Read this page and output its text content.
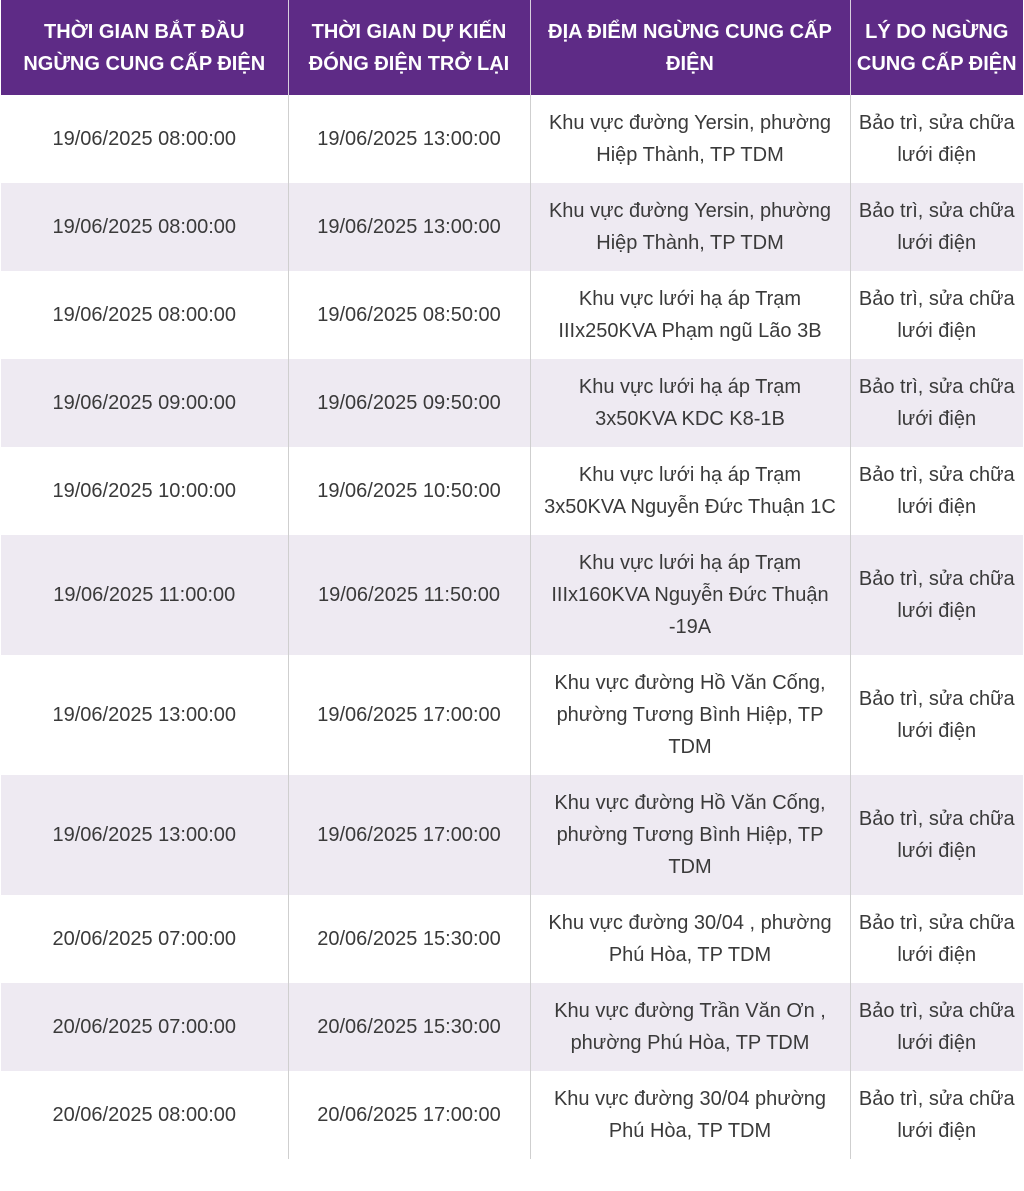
THỜI GIAN BẮT ĐẦU NGỪNG CUNG CẤP ĐIỆN	THỜI GIAN DỰ KIẾN ĐÓNG ĐIỆN TRỞ LẠI	ĐỊA ĐIỂM NGỪNG CUNG CẤP ĐIỆN	LÝ DO NGỪNG CUNG CẤP ĐIỆN
19/06/2025 08:00:00	19/06/2025 13:00:00	Khu vực đường Yersin, phường Hiệp Thành, TP TDM	Bảo trì, sửa chữa lưới điện
19/06/2025 08:00:00	19/06/2025 13:00:00	Khu vực đường Yersin, phường Hiệp Thành, TP TDM	Bảo trì, sửa chữa lưới điện
19/06/2025 08:00:00	19/06/2025 08:50:00	Khu vực lưới hạ áp Trạm IIIx250KVA Phạm ngũ Lão 3B	Bảo trì, sửa chữa lưới điện
19/06/2025 09:00:00	19/06/2025 09:50:00	Khu vực lưới hạ áp Trạm 3x50KVA KDC K8-1B	Bảo trì, sửa chữa lưới điện
19/06/2025 10:00:00	19/06/2025 10:50:00	Khu vực lưới hạ áp Trạm 3x50KVA Nguyễn Đức Thuận 1C	Bảo trì, sửa chữa lưới điện
19/06/2025 11:00:00	19/06/2025 11:50:00	Khu vực lưới hạ áp Trạm IIIx160KVA Nguyễn Đức Thuận -19A	Bảo trì, sửa chữa lưới điện
19/06/2025 13:00:00	19/06/2025 17:00:00	Khu vực đường Hồ Văn Cống, phường Tương Bình Hiệp, TP TDM	Bảo trì, sửa chữa lưới điện
19/06/2025 13:00:00	19/06/2025 17:00:00	Khu vực đường Hồ Văn Cống, phường Tương Bình Hiệp, TP TDM	Bảo trì, sửa chữa lưới điện
20/06/2025 07:00:00	20/06/2025 15:30:00	Khu vực đường 30/04 , phường Phú Hòa, TP TDM	Bảo trì, sửa chữa lưới điện
20/06/2025 07:00:00	20/06/2025 15:30:00	Khu vực đường Trần Văn Ơn , phường Phú Hòa, TP TDM	Bảo trì, sửa chữa lưới điện
20/06/2025 08:00:00	20/06/2025 17:00:00	Khu vực đường 30/04 phường Phú Hòa, TP TDM	Bảo trì, sửa chữa lưới điện
